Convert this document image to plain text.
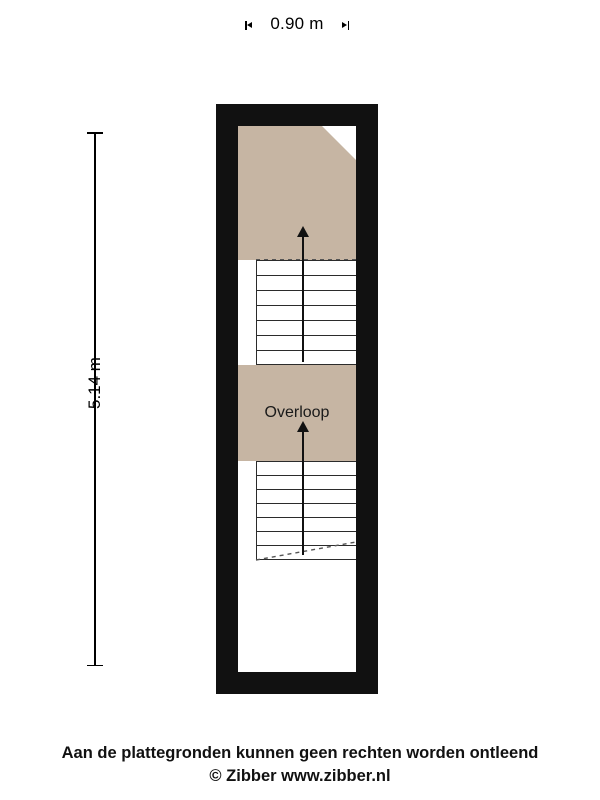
0.90 m
5.14 m
Overloop
Aan de plattegronden kunnen geen rechten worden ontleend
© Zibber www.zibber.nl
